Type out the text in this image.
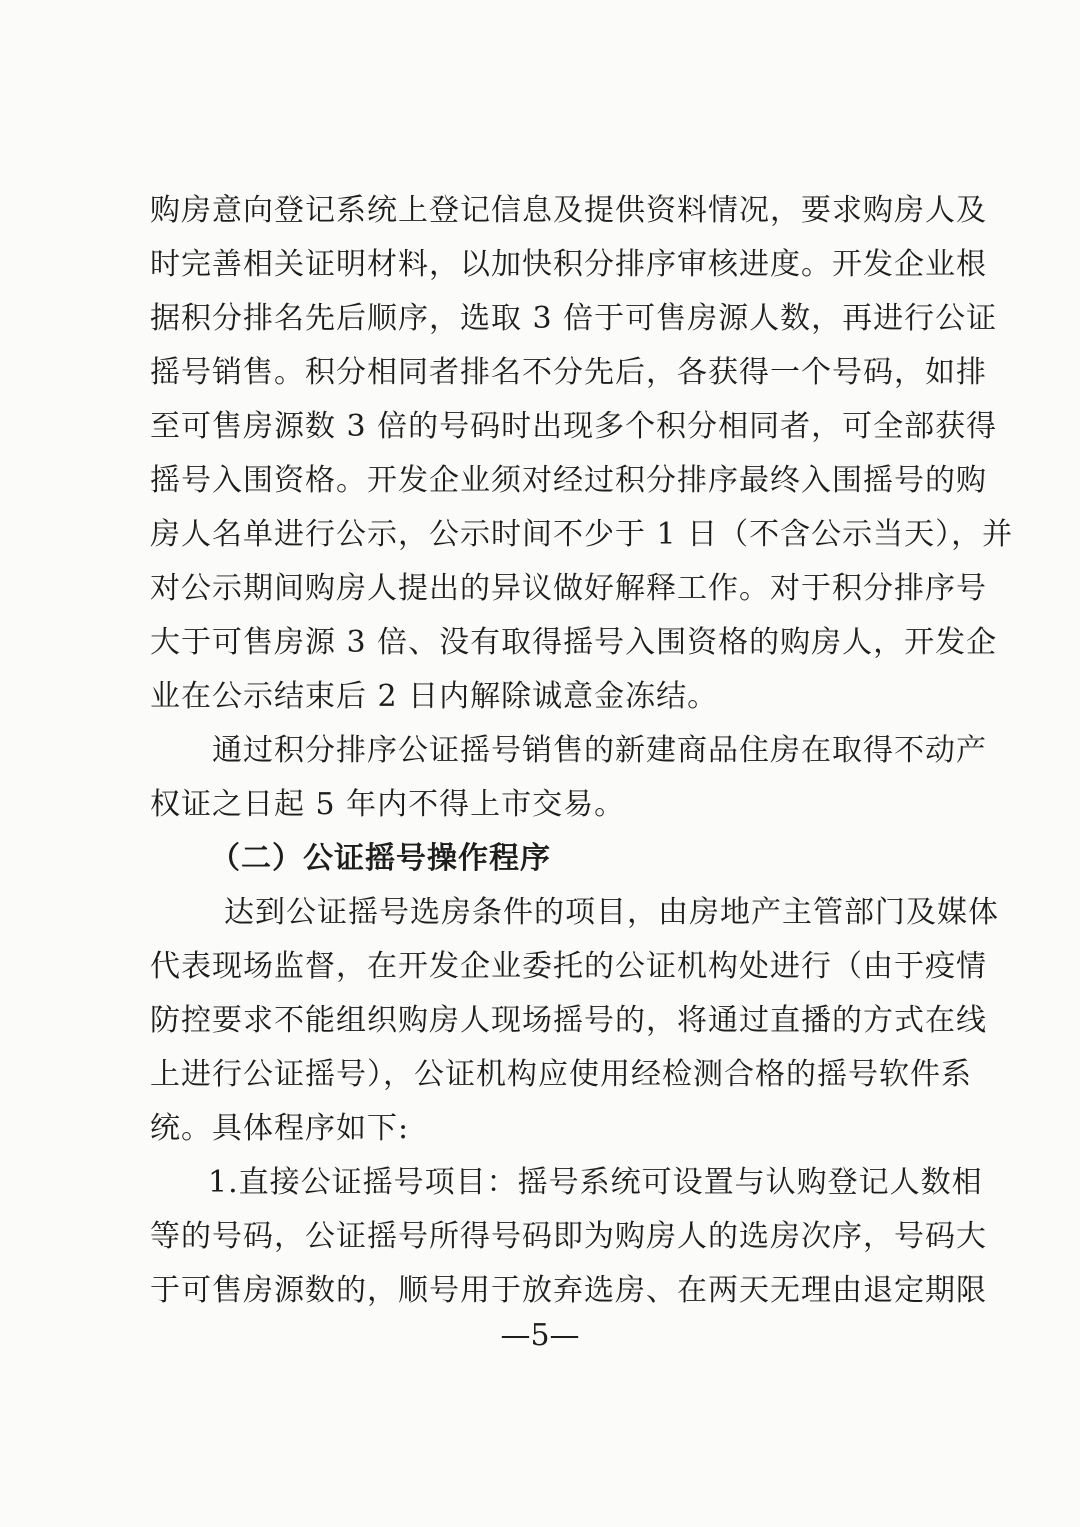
购房意向登记系统上登记信息及提供资料情况，要求购房人及
时完善相关证明材料，以加快积分排序审核进度。开发企业根
据积分排名先后顺序，选取 3 倍于可售房源人数，再进行公证
摇号销售。积分相同者排名不分先后，各获得一个号码，如排
至可售房源数 3 倍的号码时出现多个积分相同者，可全部获得
摇号入围资格。开发企业须对经过积分排序最终入围摇号的购
房人名单进行公示，公示时间不少于 1 日（不含公示当天），并
对公示期间购房人提出的异议做好解释工作。对于积分排序号
大于可售房源 3 倍、没有取得摇号入围资格的购房人，开发企
业在公示结束后 2 日内解除诚意金冻结。
通过积分排序公证摇号销售的新建商品住房在取得不动产
权证之日起 5 年内不得上市交易。
（二）公证摇号操作程序
达到公证摇号选房条件的项目，由房地产主管部门及媒体
代表现场监督，在开发企业委托的公证机构处进行（由于疫情
防控要求不能组织购房人现场摇号的，将通过直播的方式在线
上进行公证摇号），公证机构应使用经检测合格的摇号软件系
统。具体程序如下:
1.直接公证摇号项目：摇号系统可设置与认购登记人数相
等的号码，公证摇号所得号码即为购房人的选房次序，号码大
于可售房源数的，顺号用于放弃选房、在两天无理由退定期限
—5—
